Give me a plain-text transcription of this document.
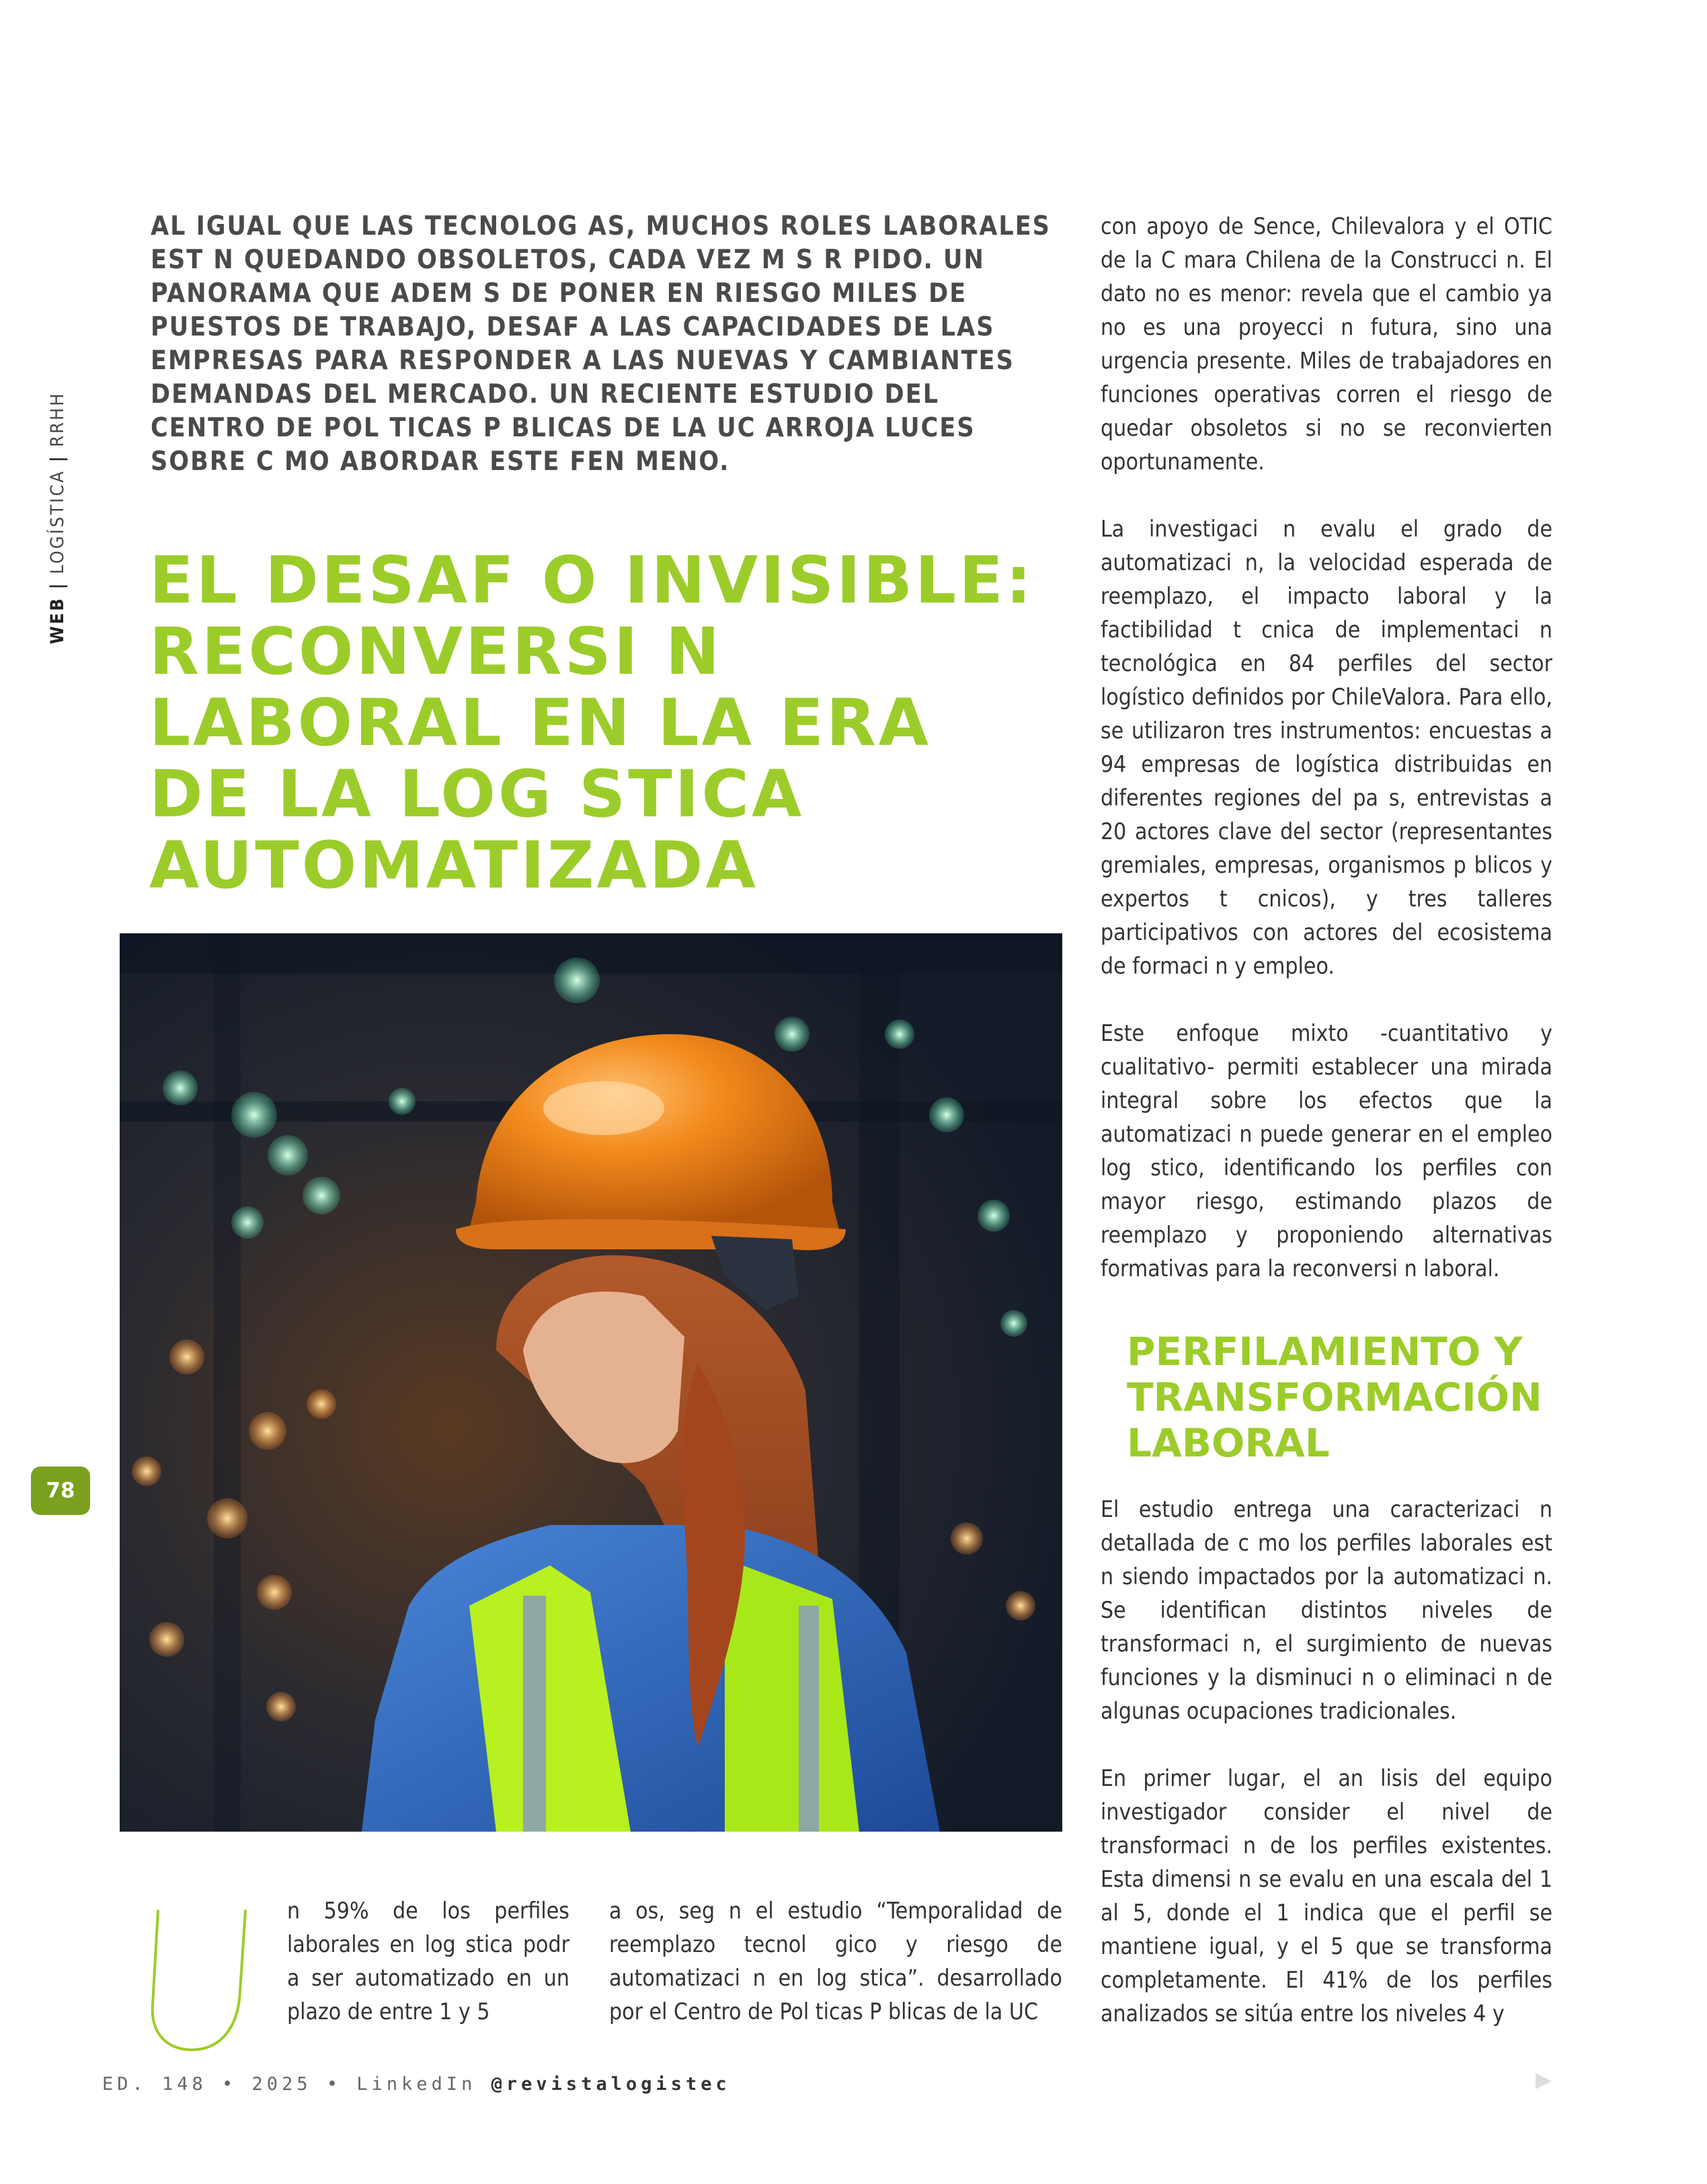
WEB | LOGÍSTICA | RRHH
78

AL IGUAL QUE LAS TECNOLOG AS, MUCHOS ROLES LABORALES EST N QUEDANDO OBSOLETOS, CADA VEZ M S R PIDO. UN PANORAMA QUE ADEM S DE PONER EN RIESGO MILES DE PUESTOS DE TRABAJO, DESAF A LAS CAPACIDADES DE LAS EMPRESAS PARA RESPONDER A LAS NUEVAS Y CAMBIANTES DEMANDAS DEL MERCADO. UN RECIENTE ESTUDIO DEL CENTRO DE POL TICAS P BLICAS DE LA UC ARROJA LUCES SOBRE C MO ABORDAR ESTE FEN MENO.

EL DESAF O INVISIBLE: RECONVERSI N LABORAL EN LA ERA DE LA LOG STICA AUTOMATIZADA

n 59% de los perfiles laborales en log stica podr a ser automatizado en un plazo de entre 1 y 5

a os, seg n el estudio “Temporalidad de reemplazo tecnol gico y riesgo de automatizaci n en log stica”. desarrollado por el Centro de Pol ticas P blicas de la UC

con apoyo de Sence, Chilevalora y el OTIC de la C mara Chilena de la Construcci n. El dato no es menor: revela que el cambio ya no es una proyecci n futura, sino una urgencia presente. Miles de trabajadores en funciones operativas corren el riesgo de quedar obsoletos si no se reconvierten oportunamente.

La investigaci n evalu el grado de automatizaci n, la velocidad esperada de reemplazo, el impacto laboral y la factibilidad t cnica de implementaci n tecnológica en 84 perfiles del sector logístico definidos por ChileValora. Para ello, se utilizaron tres instrumentos: encuestas a 94 empresas de logística distribuidas en diferentes regiones del pa s, entrevistas a 20 actores clave del sector (representantes gremiales, empresas, organismos p blicos y expertos t cnicos), y tres talleres participativos con actores del ecosistema de formaci n y empleo.

Este enfoque mixto -cuantitativo y cualitativo- permiti establecer una mirada integral sobre los efectos que la automatizaci n puede generar en el empleo log stico, identificando los perfiles con mayor riesgo, estimando plazos de reemplazo y proponiendo alternativas formativas para la reconversi n laboral.

PERFILAMIENTO Y TRANSFORMACIÓN LABORAL

El estudio entrega una caracterizaci n detallada de c mo los perfiles laborales est n siendo impactados por la automatizaci n. Se identifican distintos niveles de transformaci n, el surgimiento de nuevas funciones y la disminuci n o eliminaci n de algunas ocupaciones tradicionales.

En primer lugar, el an lisis del equipo investigador consider el nivel de transformaci n de los perfiles existentes. Esta dimensi n se evalu en una escala del 1 al 5, donde el 1 indica que el perfil se mantiene igual, y el 5 que se transforma completamente. El 41% de los perfiles analizados se sitúa entre los niveles 4 y

ED. 148 • 2025 • LinkedIn @revistalogistec
